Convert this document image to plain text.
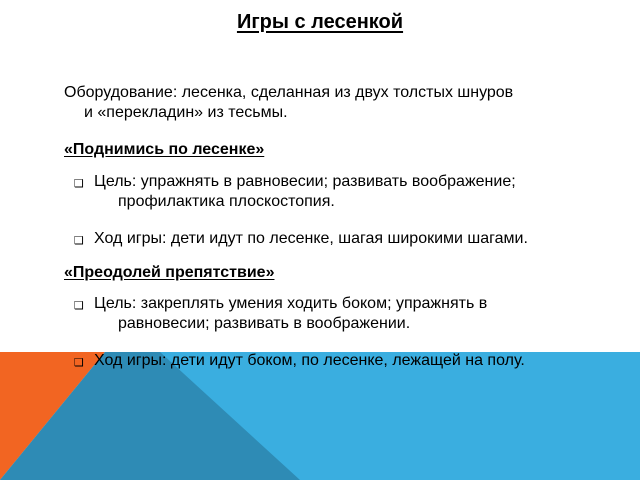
Игры с лесенкой
Оборудование: лесенка, сделанная из двух толстых шнуров
и «перекладин» из тесьмы.
«Поднимись по лесенке»
❑ Цель: упражнять в равновесии; развивать воображение;
профилактика плоскостопия.
❑ Ход игры: дети идут по лесенке, шагая широкими шагами.
«Преодолей препятствие»
❑ Цель: закреплять умения ходить боком; упражнять в
равновесии; развивать в воображении.
❑ Ход игры: дети идут боком, по лесенке, лежащей на полу.
